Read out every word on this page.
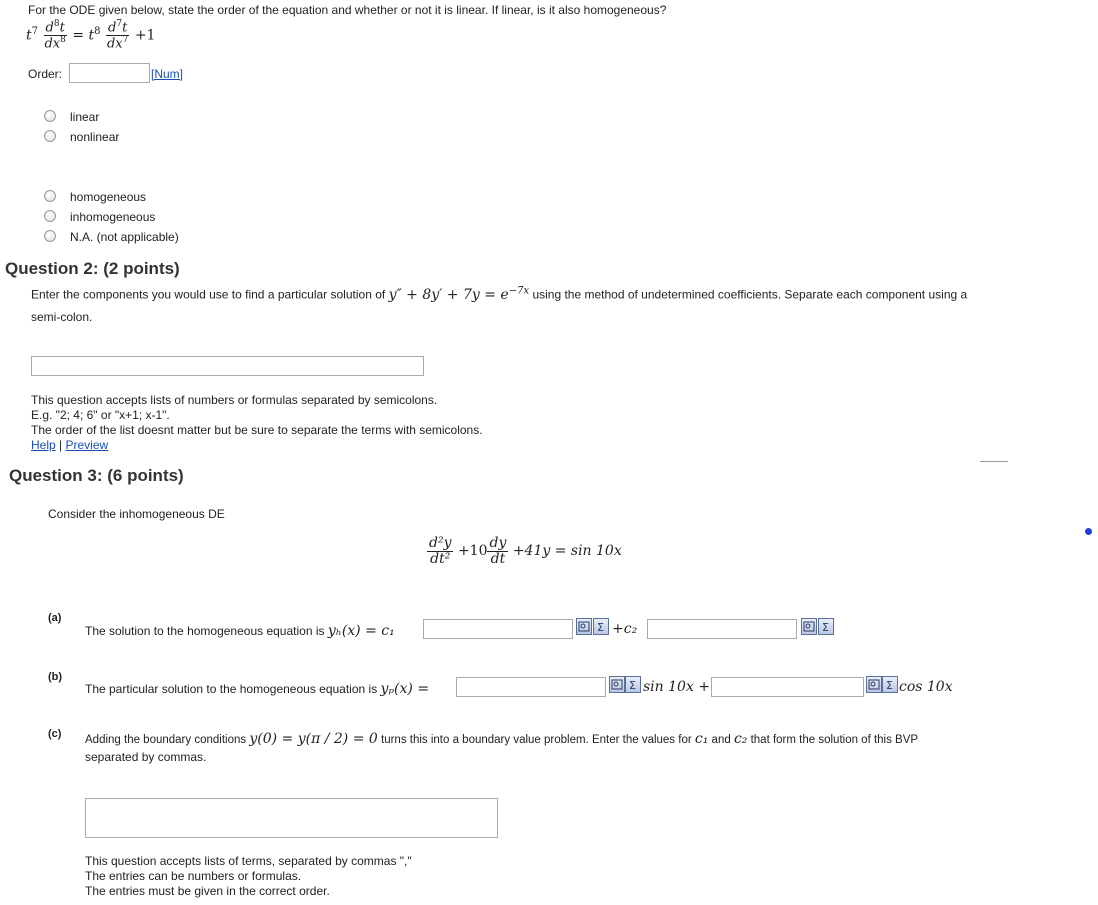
For the ODE given below, state the order of the equation and whether or not it is linear. If linear, is it also homogeneous?
$t^7 \frac{d^8t}{dx^8} = t^8 \frac{d^7t}{dx^7} +1$
Order:	[Num]
linear
nonlinear
homogeneous
inhomogeneous
N.A. (not applicable)
Question 2: (2 points)
Enter the components you would use to find a particular solution of $y'' + 8y' + 7y = e^{-7x}$ using the method of undetermined coefficients. Separate each component using a
semi-colon.
This question accepts lists of numbers or formulas separated by semicolons.
E.g. "2; 4; 6" or "x+1; x-1".
The order of the list doesnt matter but be sure to separate the terms with semicolons.
Help | Preview
Question 3: (6 points)
Consider the inhomogeneous DE
$\frac{\text{d²y}}{\text{dt²}} +10 \frac{dy}{dt} +41y = \sin 10x$
(a)
The solution to the homogeneous equation is yₕ(x) = c₁	Σ +c₂	Σ
(b)
The particular solution to the homogeneous equation is yₚ(x) =	Σ sin 10x +	Σ cos 10x
(c) Adding the boundary conditions y(0) = y(π / 2) = 0 turns this into a boundary value problem. Enter the values for c₁ and c₂ that form the solution of this BVP
separated by commas.
This question accepts lists of terms, separated by commas ","
The entries can be numbers or formulas.
The entries must be given in the correct order.
